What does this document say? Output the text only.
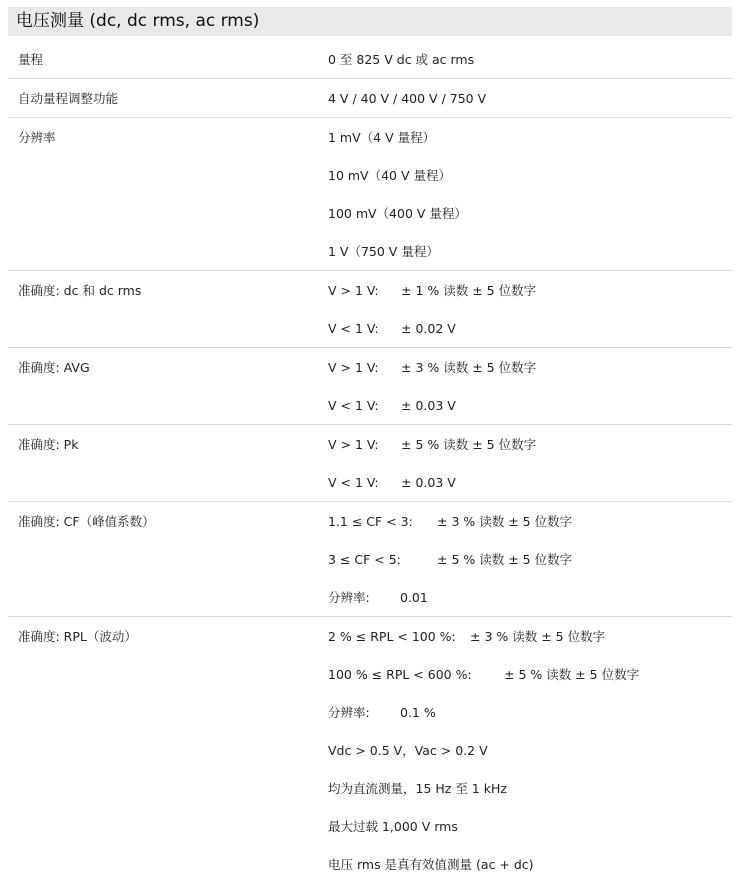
电压测量 (dc, dc rms, ac rms)
量程	0 至 825 V dc 或 ac rms
自动量程调整功能	4 V / 40 V / 400 V / 750 V
分辨率	1 mV（4 V 量程）
10 mV（40 V 量程）
100 mV（400 V 量程）
1 V（750 V 量程）
准确度: dc 和 dc rms	V > 1 V:	± 1 % 读数 ± 5 位数字
V < 1 V:	± 0.02 V
准确度: AVG	V > 1 V:	± 3 % 读数 ± 5 位数字
V < 1 V:	± 0.03 V
准确度: Pk	V > 1 V:	± 5 % 读数 ± 5 位数字
V < 1 V:	± 0.03 V
准确度: CF（峰值系数）	1.1 ≤ CF < 3:	± 3 % 读数 ± 5 位数字
3 ≤ CF < 5:	± 5 % 读数 ± 5 位数字
分辨率:	0.01
准确度: RPL（波动）	2 % ≤ RPL < 100 %:	± 3 % 读数 ± 5 位数字
100 % ≤ RPL < 600 %:	± 5 % 读数 ± 5 位数字
分辨率:	0.1 %
Vdc > 0.5 V，Vac > 0.2 V
均为直流测量，15 Hz 至 1 kHz
最大过载 1,000 V rms
电压 rms 是真有效值测量 (ac + dc)
